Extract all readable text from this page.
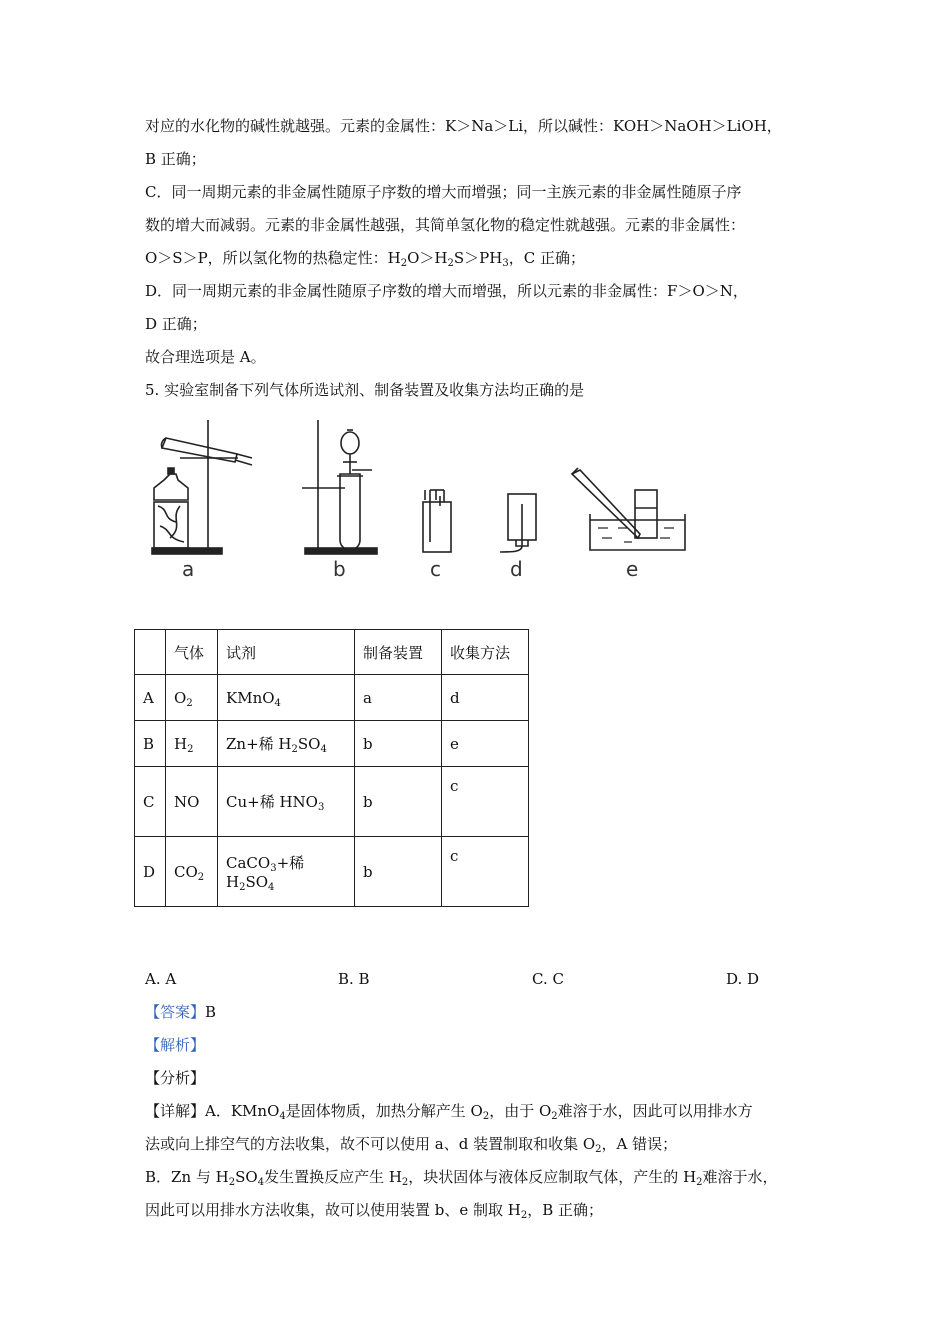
对应的水化物的碱性就越强。元素的金属性：K＞Na＞Li，所以碱性：KOH＞NaOH＞LiOH，
B 正确；
C．同一周期元素的非金属性随原子序数的增大而增强；同一主族元素的非金属性随原子序
数的增大而减弱。元素的非金属性越强，其简单氢化物的稳定性就越强。元素的非金属性：
O＞S＞P，所以氢化物的热稳定性：$H_2O>H_2S>PH_3$，C 正确；
D．同一周期元素的非金属性随原子序数的增大而增强，所以元素的非金属性：F＞O＞N，
D 正确；
故合理选项是 A。
5. 实验室制备下列气体所选试剂、制备装置及收集方法均正确的是
a	b	c	d	e
	气体	试剂	制备装置	收集方法
A	$O_2$	KMnO$_4$	a	d
B	$H_2$	Zn+稀 $H_2SO_4$	b	e
C	NO	Cu+稀 $HNO_3$	b	c
D	$CO_2$	CaCO$_3$+稀 $H_2SO_4$	b	c
A. A	B. B	C. C	D. D
【答案】B
【解析】
【分析】
【详解】A．KMnO$_4$是固体物质，加热分解产生 $O_2$，由于 $O_2$难溶于水，因此可以用排水方
法或向上排空气的方法收集，故不可以使用 a、d 装置制取和收集 $O_2$，A 错误；
B．Zn 与 $H_2SO_4$发生置换反应产生 $H_2$，块状固体与液体反应制取气体，产生的 $H_2$难溶于水，
因此可以用排水方法收集，故可以使用装置 b、e 制取 $H_2$，B 正确；
